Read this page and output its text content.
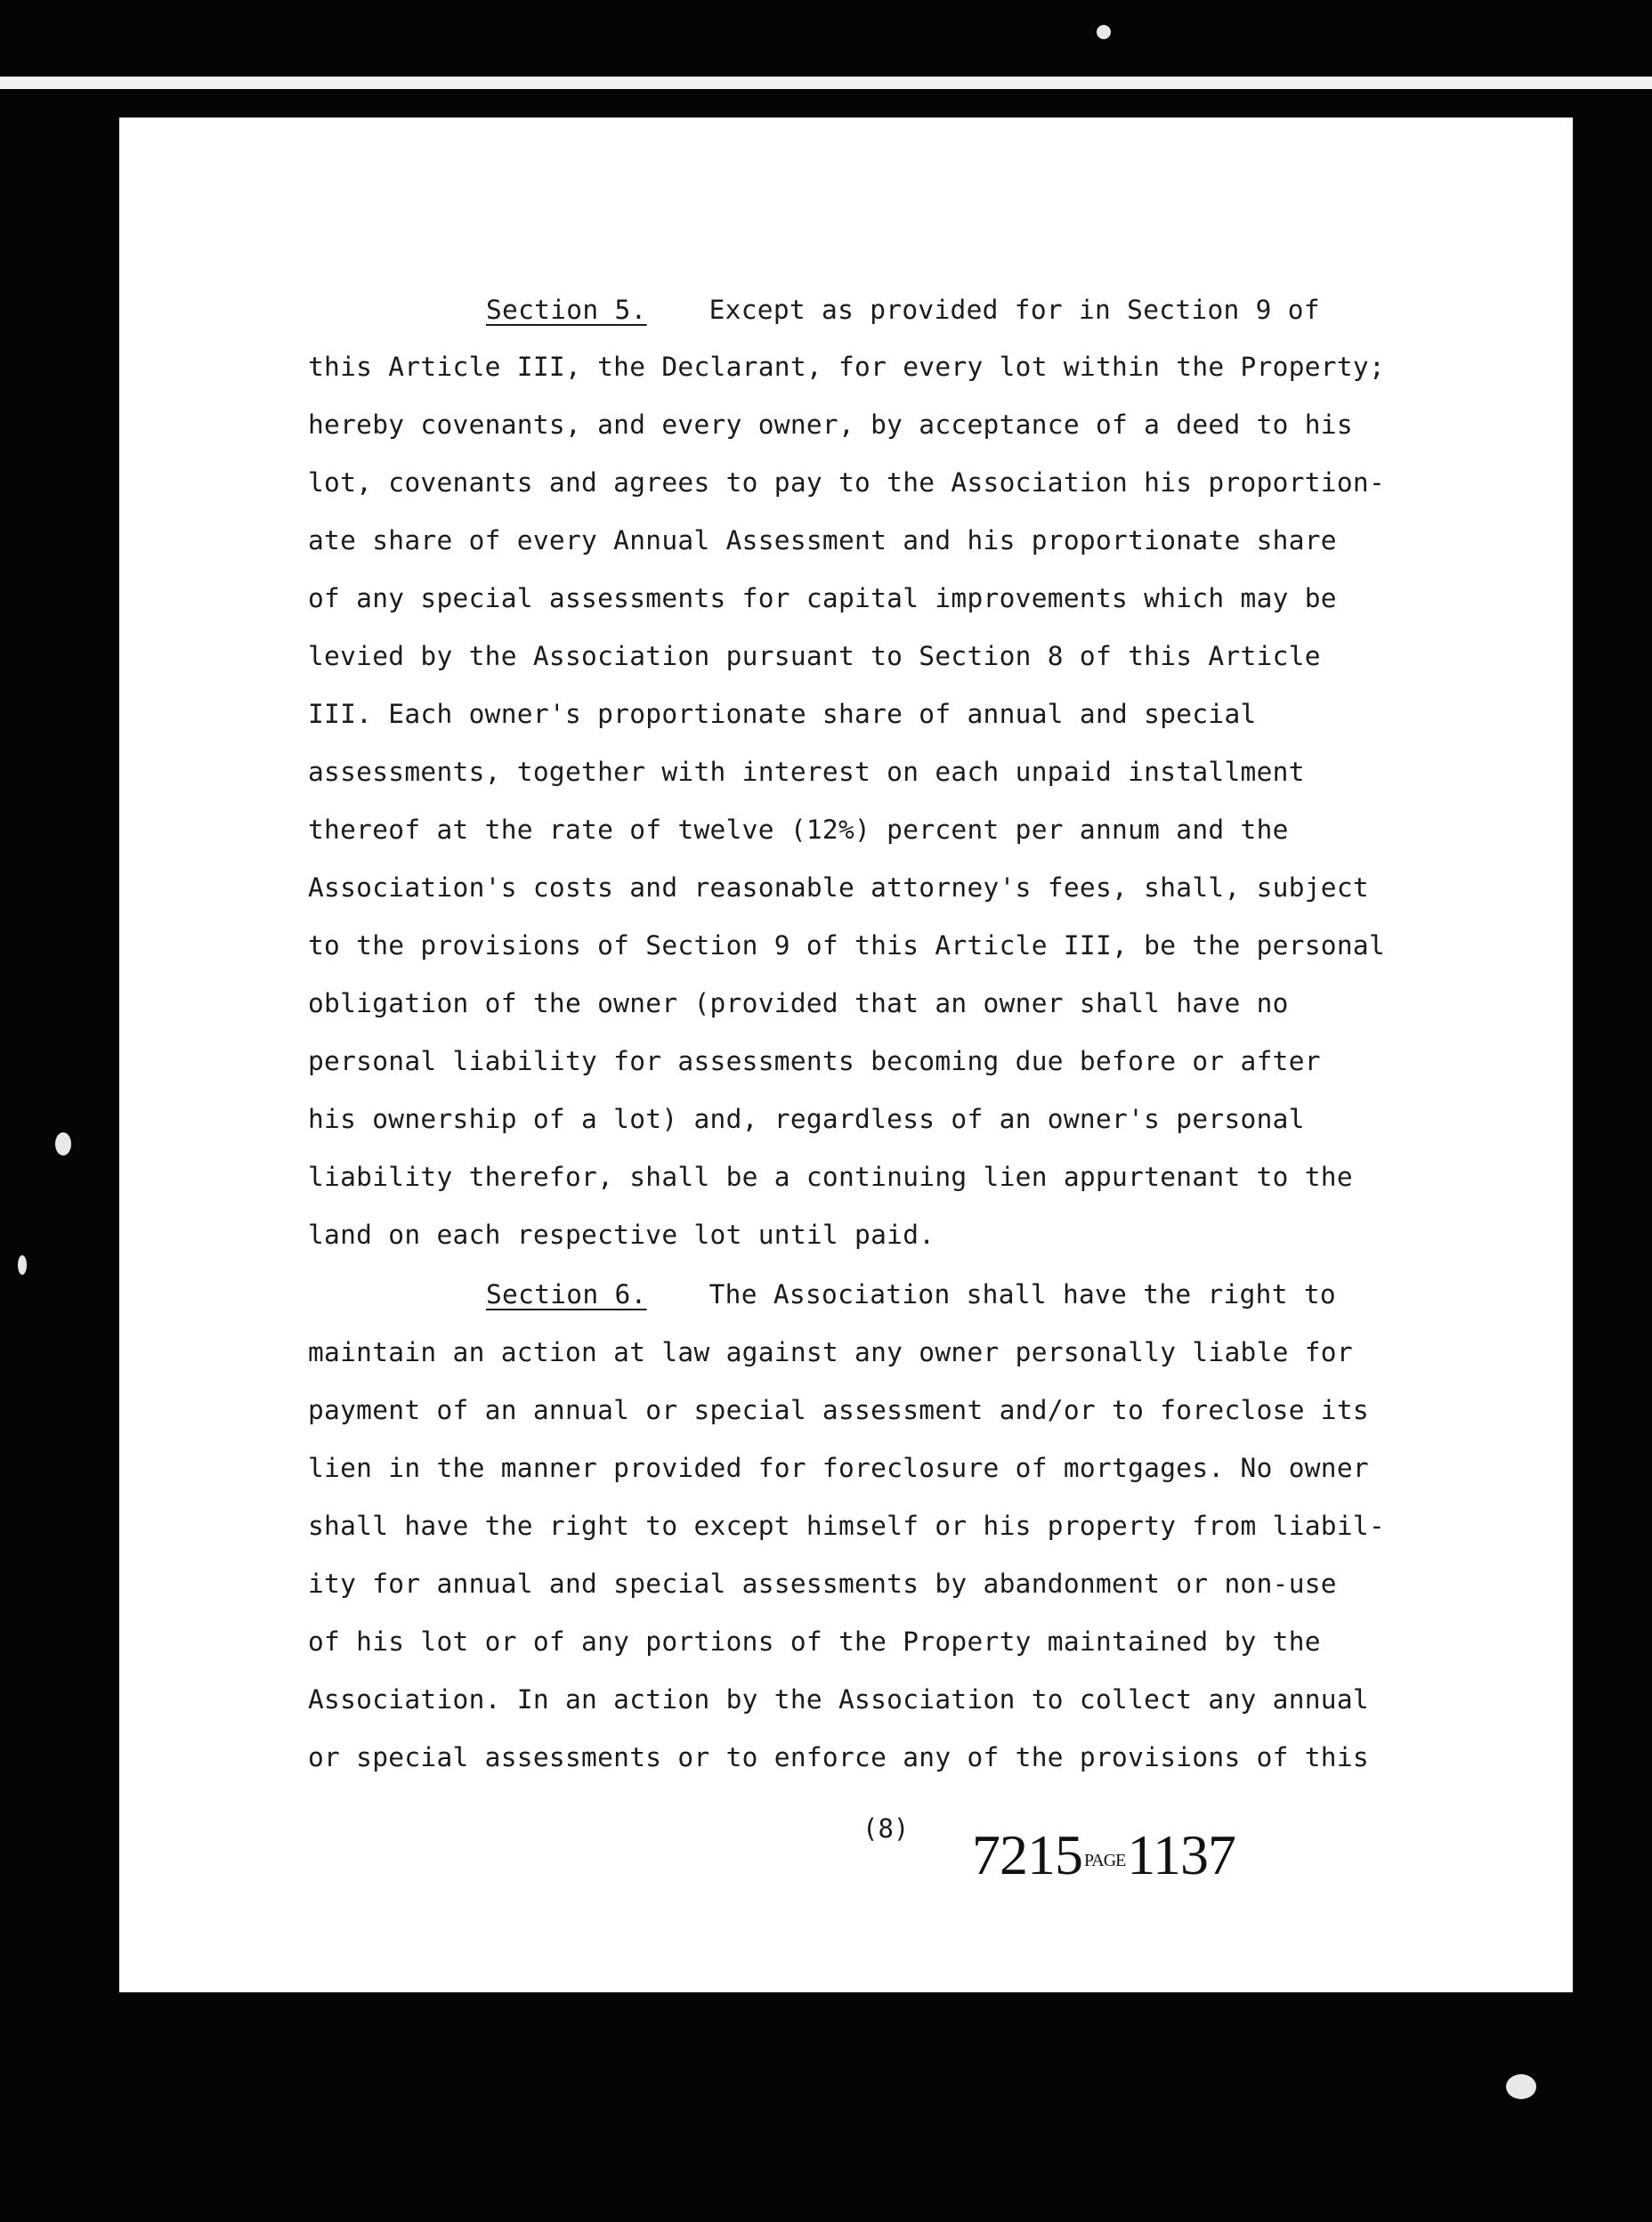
Section 5. Except as provided for in Section 9 of
this Article III, the Declarant, for every lot within the Property;
hereby covenants, and every owner, by acceptance of a deed to his
lot, covenants and agrees to pay to the Association his proportion-
ate share of every Annual Assessment and his proportionate share
of any special assessments for capital improvements which may be
levied by the Association pursuant to Section 8 of this Article
III. Each owner's proportionate share of annual and special
assessments, together with interest on each unpaid installment
thereof at the rate of twelve (12%) percent per annum and the
Association's costs and reasonable attorney's fees, shall, subject
to the provisions of Section 9 of this Article III, be the personal
obligation of the owner (provided that an owner shall have no
personal liability for assessments becoming due before or after
his ownership of a lot) and, regardless of an owner's personal
liability therefor, shall be a continuing lien appurtenant to the
land on each respective lot until paid.
Section 6. The Association shall have the right to
maintain an action at law against any owner personally liable for
payment of an annual or special assessment and/or to foreclose its
lien in the manner provided for foreclosure of mortgages. No owner
shall have the right to except himself or his property from liabil-
ity for annual and special assessments by abandonment or non-use
of his lot or of any portions of the Property maintained by the
Association. In an action by the Association to collect any annual
or special assessments or to enforce any of the provisions of this
(8) 7215 PAGE1137
